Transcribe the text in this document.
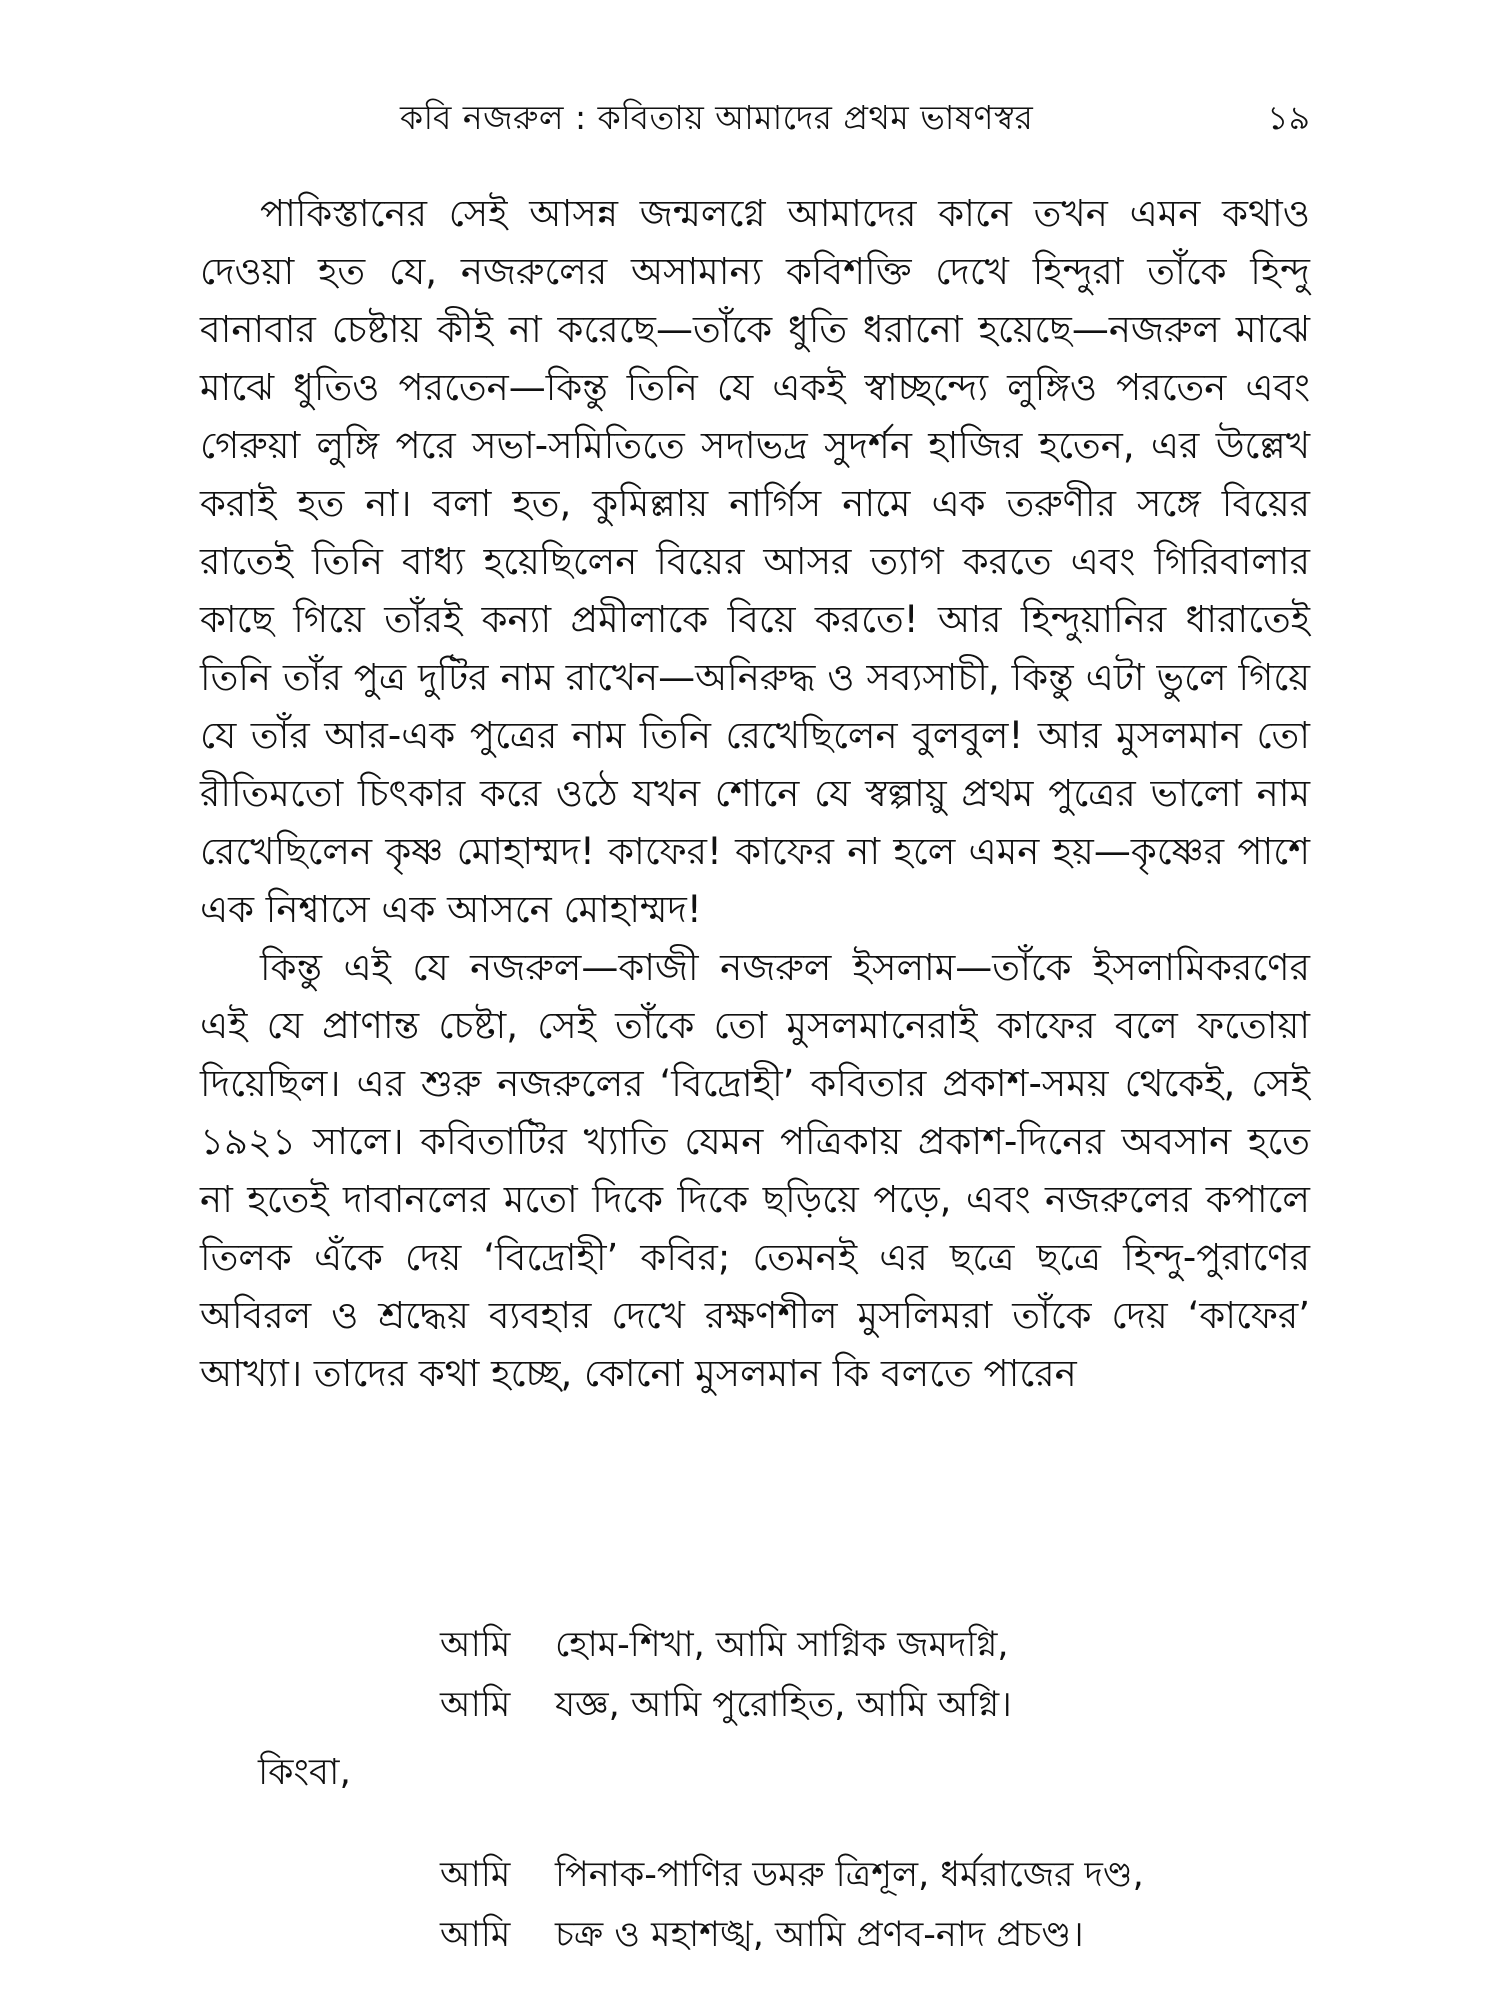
কবি নজরুল : কবিতায় আমাদের প্রথম ভাষণস্বর	১৯

পাকিস্তানের সেই আসন্ন জন্মলগ্নে আমাদের কানে তখন এমন কথাও দেওয়া হত যে, নজরুলের অসামান্য কবিশক্তি দেখে হিন্দুরা তাঁকে হিন্দু বানাবার চেষ্টায় কীই না করেছে—তাঁকে ধুতি ধরানো হয়েছে—নজরুল মাঝে মাঝে ধুতিও পরতেন—কিন্তু তিনি যে একই স্বাচ্ছন্দ্যে লুঙ্গিও পরতেন এবং গেরুয়া লুঙ্গি পরে সভা-সমিতিতে সদাভদ্র সুদর্শন হাজির হতেন, এর উল্লেখ করাই হত না। বলা হত, কুমিল্লায় নার্গিস নামে এক তরুণীর সঙ্গে বিয়ের রাতেই তিনি বাধ্য হয়েছিলেন বিয়ের আসর ত্যাগ করতে এবং গিরিবালার কাছে গিয়ে তাঁরই কন্যা প্রমীলাকে বিয়ে করতে! আর হিন্দুয়ানির ধারাতেই তিনি তাঁর পুত্র দুটির নাম রাখেন—অনিরুদ্ধ ও সব্যসাচী, কিন্তু এটা ভুলে গিয়ে যে তাঁর আর-এক পুত্রের নাম তিনি রেখেছিলেন বুলবুল! আর মুসলমান তো রীতিমতো চিৎকার করে ওঠে যখন শোনে যে স্বল্পায়ু প্রথম পুত্রের ভালো নাম রেখেছিলেন কৃষ্ণ মোহাম্মদ! কাফের! কাফের না হলে এমন হয়—কৃষ্ণের পাশে এক নিশ্বাসে এক আসনে মোহাম্মদ!

কিন্তু এই যে নজরুল—কাজী নজরুল ইসলাম—তাঁকে ইসলামিকরণের এই যে প্রাণান্ত চেষ্টা, সেই তাঁকে তো মুসলমানেরাই কাফের বলে ফতোয়া দিয়েছিল। এর শুরু নজরুলের ‘বিদ্রোহী’ কবিতার প্রকাশ-সময় থেকেই, সেই ১৯২১ সালে। কবিতাটির খ্যাতি যেমন পত্রিকায় প্রকাশ-দিনের অবসান হতে না হতেই দাবানলের মতো দিকে দিকে ছড়িয়ে পড়ে, এবং নজরুলের কপালে তিলক এঁকে দেয় ‘বিদ্রোহী’ কবির; তেমনই এর ছত্রে ছত্রে হিন্দু-পুরাণের অবিরল ও শ্রদ্ধেয় ব্যবহার দেখে রক্ষণশীল মুসলিমরা তাঁকে দেয় ‘কাফের’ আখ্যা। তাদের কথা হচ্ছে, কোনো মুসলমান কি বলতে পারেন

আমি	হোম-শিখা, আমি সাগ্নিক জমদগ্নি,
আমি	যজ্ঞ, আমি পুরোহিত, আমি অগ্নি।
কিংবা,
আমি	পিনাক-পাণির ডমরু ত্রিশূল, ধর্মরাজের দণ্ড,
আমি	চক্র ও মহাশঙ্খ, আমি প্রণব-নাদ প্রচণ্ড।
